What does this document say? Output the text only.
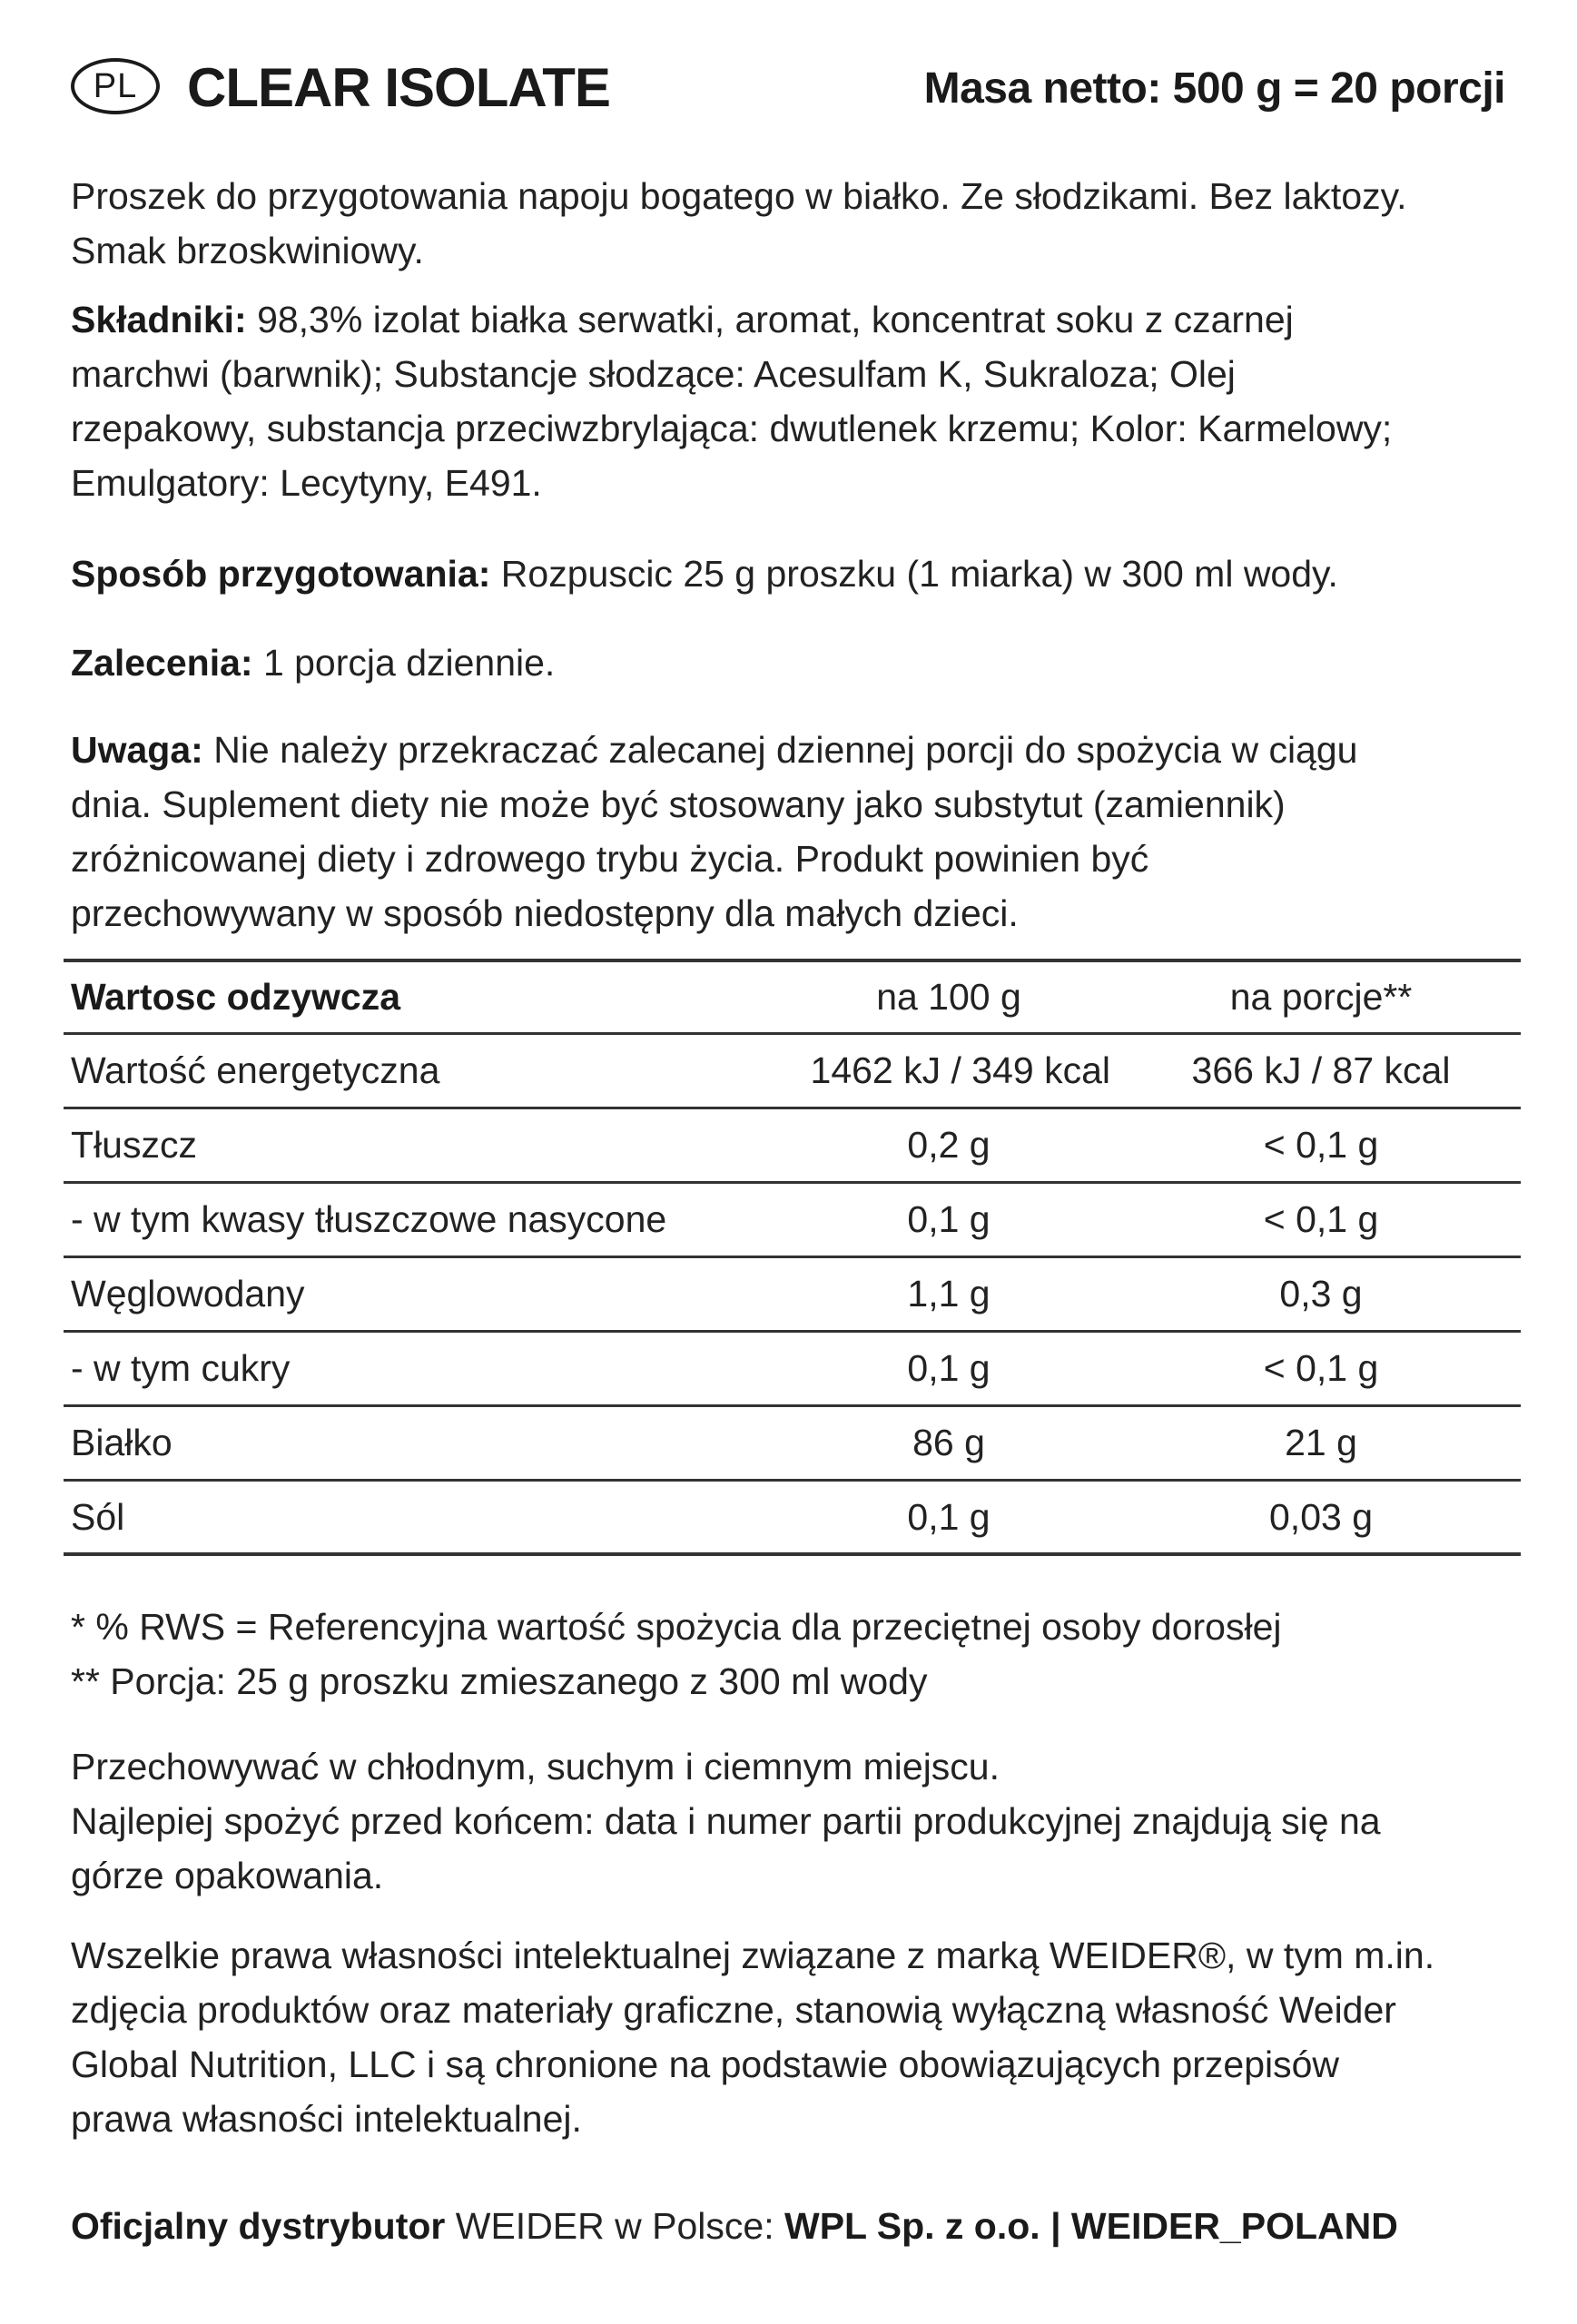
PL CLEAR ISOLATE	Masa netto: 500 g = 20 porcji
Proszek do przygotowania napoju bogatego w białko. Ze słodzikami. Bez laktozy.
Smak brzoskwiniowy.
Składniki: 98,3% izolat białka serwatki, aromat, koncentrat soku z czarnej
marchwi (barwnik); Substancje słodzące: Acesulfam K, Sukraloza; Olej
rzepakowy, substancja przeciwzbrylająca: dwutlenek krzemu; Kolor: Karmelowy;
Emulgatory: Lecytyny, E491.
Sposób przygotowania: Rozpuscic 25 g proszku (1 miarka) w 300 ml wody.
Zalecenia: 1 porcja dziennie.
Uwaga: Nie należy przekraczać zalecanej dziennej porcji do spożycia w ciągu
dnia. Suplement diety nie może być stosowany jako substytut (zamiennik)
zróżnicowanej diety i zdrowego trybu życia. Produkt powinien być
przechowywany w sposób niedostępny dla małych dzieci.
Wartosc odzywcza	na 100 g	na porcje**
Wartość energetyczna	1462 kJ / 349 kcal	366 kJ / 87 kcal
Tłuszcz	0,2 g	< 0,1 g
- w tym kwasy tłuszczowe nasycone	0,1 g	< 0,1 g
Węglowodany	1,1 g	0,3 g
- w tym cukry	0,1 g	< 0,1 g
Białko	86 g	21 g
Sól	0,1 g	0,03 g
* % RWS = Referencyjna wartość spożycia dla przeciętnej osoby dorosłej
** Porcja: 25 g proszku zmieszanego z 300 ml wody
Przechowywać w chłodnym, suchym i ciemnym miejscu.
Najlepiej spożyć przed końcem: data i numer partii produkcyjnej znajdują się na
górze opakowania.
Wszelkie prawa własności intelektualnej związane z marką WEIDER®, w tym m.in.
zdjęcia produktów oraz materiały graficzne, stanowią wyłączną własność Weider
Global Nutrition, LLC i są chronione na podstawie obowiązujących przepisów
prawa własności intelektualnej.
Oficjalny dystrybutor WEIDER w Polsce: WPL Sp. z o.o. | WEIDER_POLAND
